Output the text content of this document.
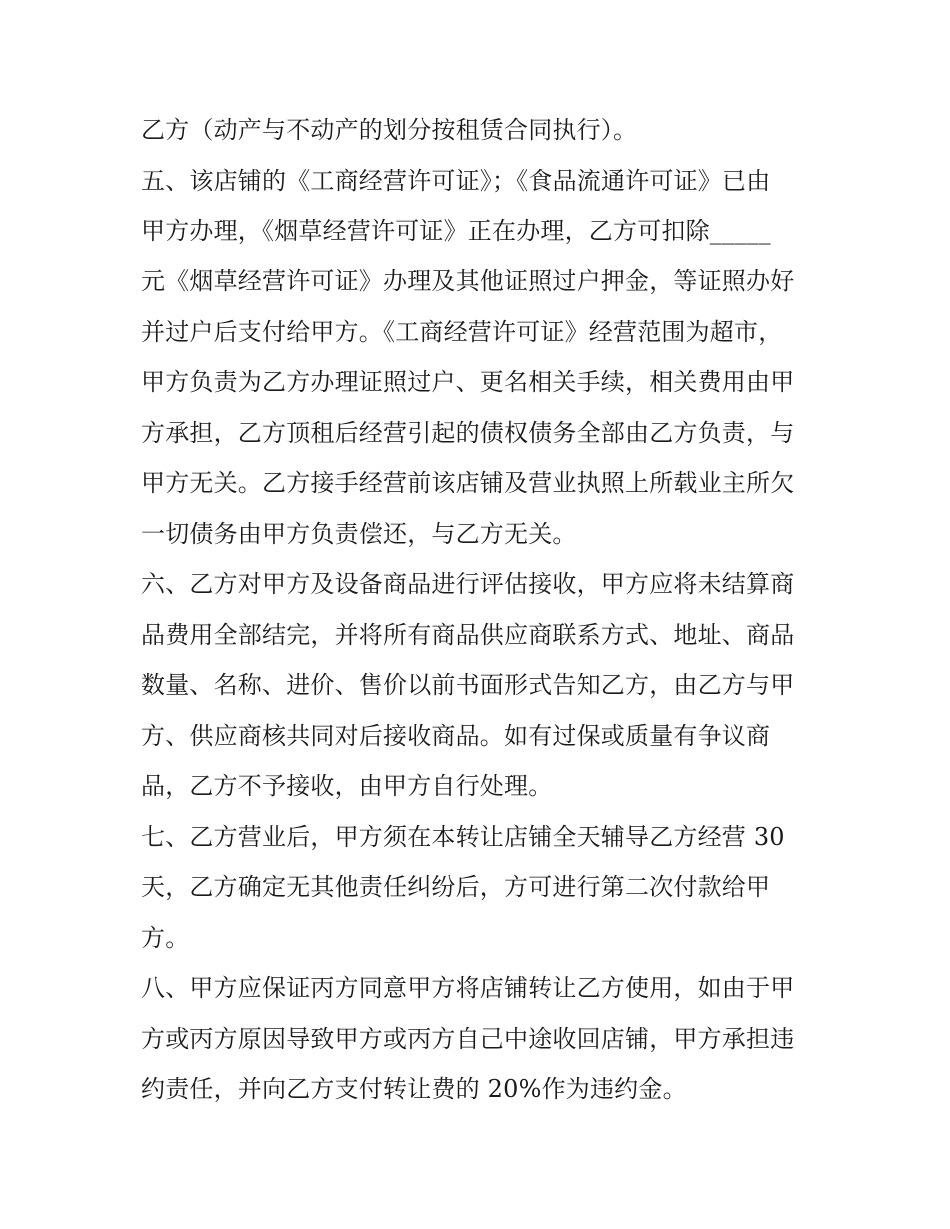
乙方（动产与不动产的划分按租赁合同执行）。
五、该店铺的《工商经营许可证》；《食品流通许可证》已由
甲方办理，《烟草经营许可证》正在办理，乙方可扣除_____
元《烟草经营许可证》办理及其他证照过户押金，等证照办好
并过户后支付给甲方。《工商经营许可证》经营范围为超市，
甲方负责为乙方办理证照过户、更名相关手续，相关费用由甲
方承担，乙方顶租后经营引起的债权债务全部由乙方负责，与
甲方无关。乙方接手经营前该店铺及营业执照上所载业主所欠
一切债务由甲方负责偿还，与乙方无关。
六、乙方对甲方及设备商品进行评估接收，甲方应将未结算商
品费用全部结完，并将所有商品供应商联系方式、地址、商品
数量、名称、进价、售价以前书面形式告知乙方，由乙方与甲
方、供应商核共同对后接收商品。如有过保或质量有争议商
品，乙方不予接收，由甲方自行处理。
七、乙方营业后，甲方须在本转让店铺全天辅导乙方经营 30
天，乙方确定无其他责任纠纷后，方可进行第二次付款给甲
方。
八、甲方应保证丙方同意甲方将店铺转让乙方使用，如由于甲
方或丙方原因导致甲方或丙方自己中途收回店铺，甲方承担违
约责任，并向乙方支付转让费的 20%作为违约金。
